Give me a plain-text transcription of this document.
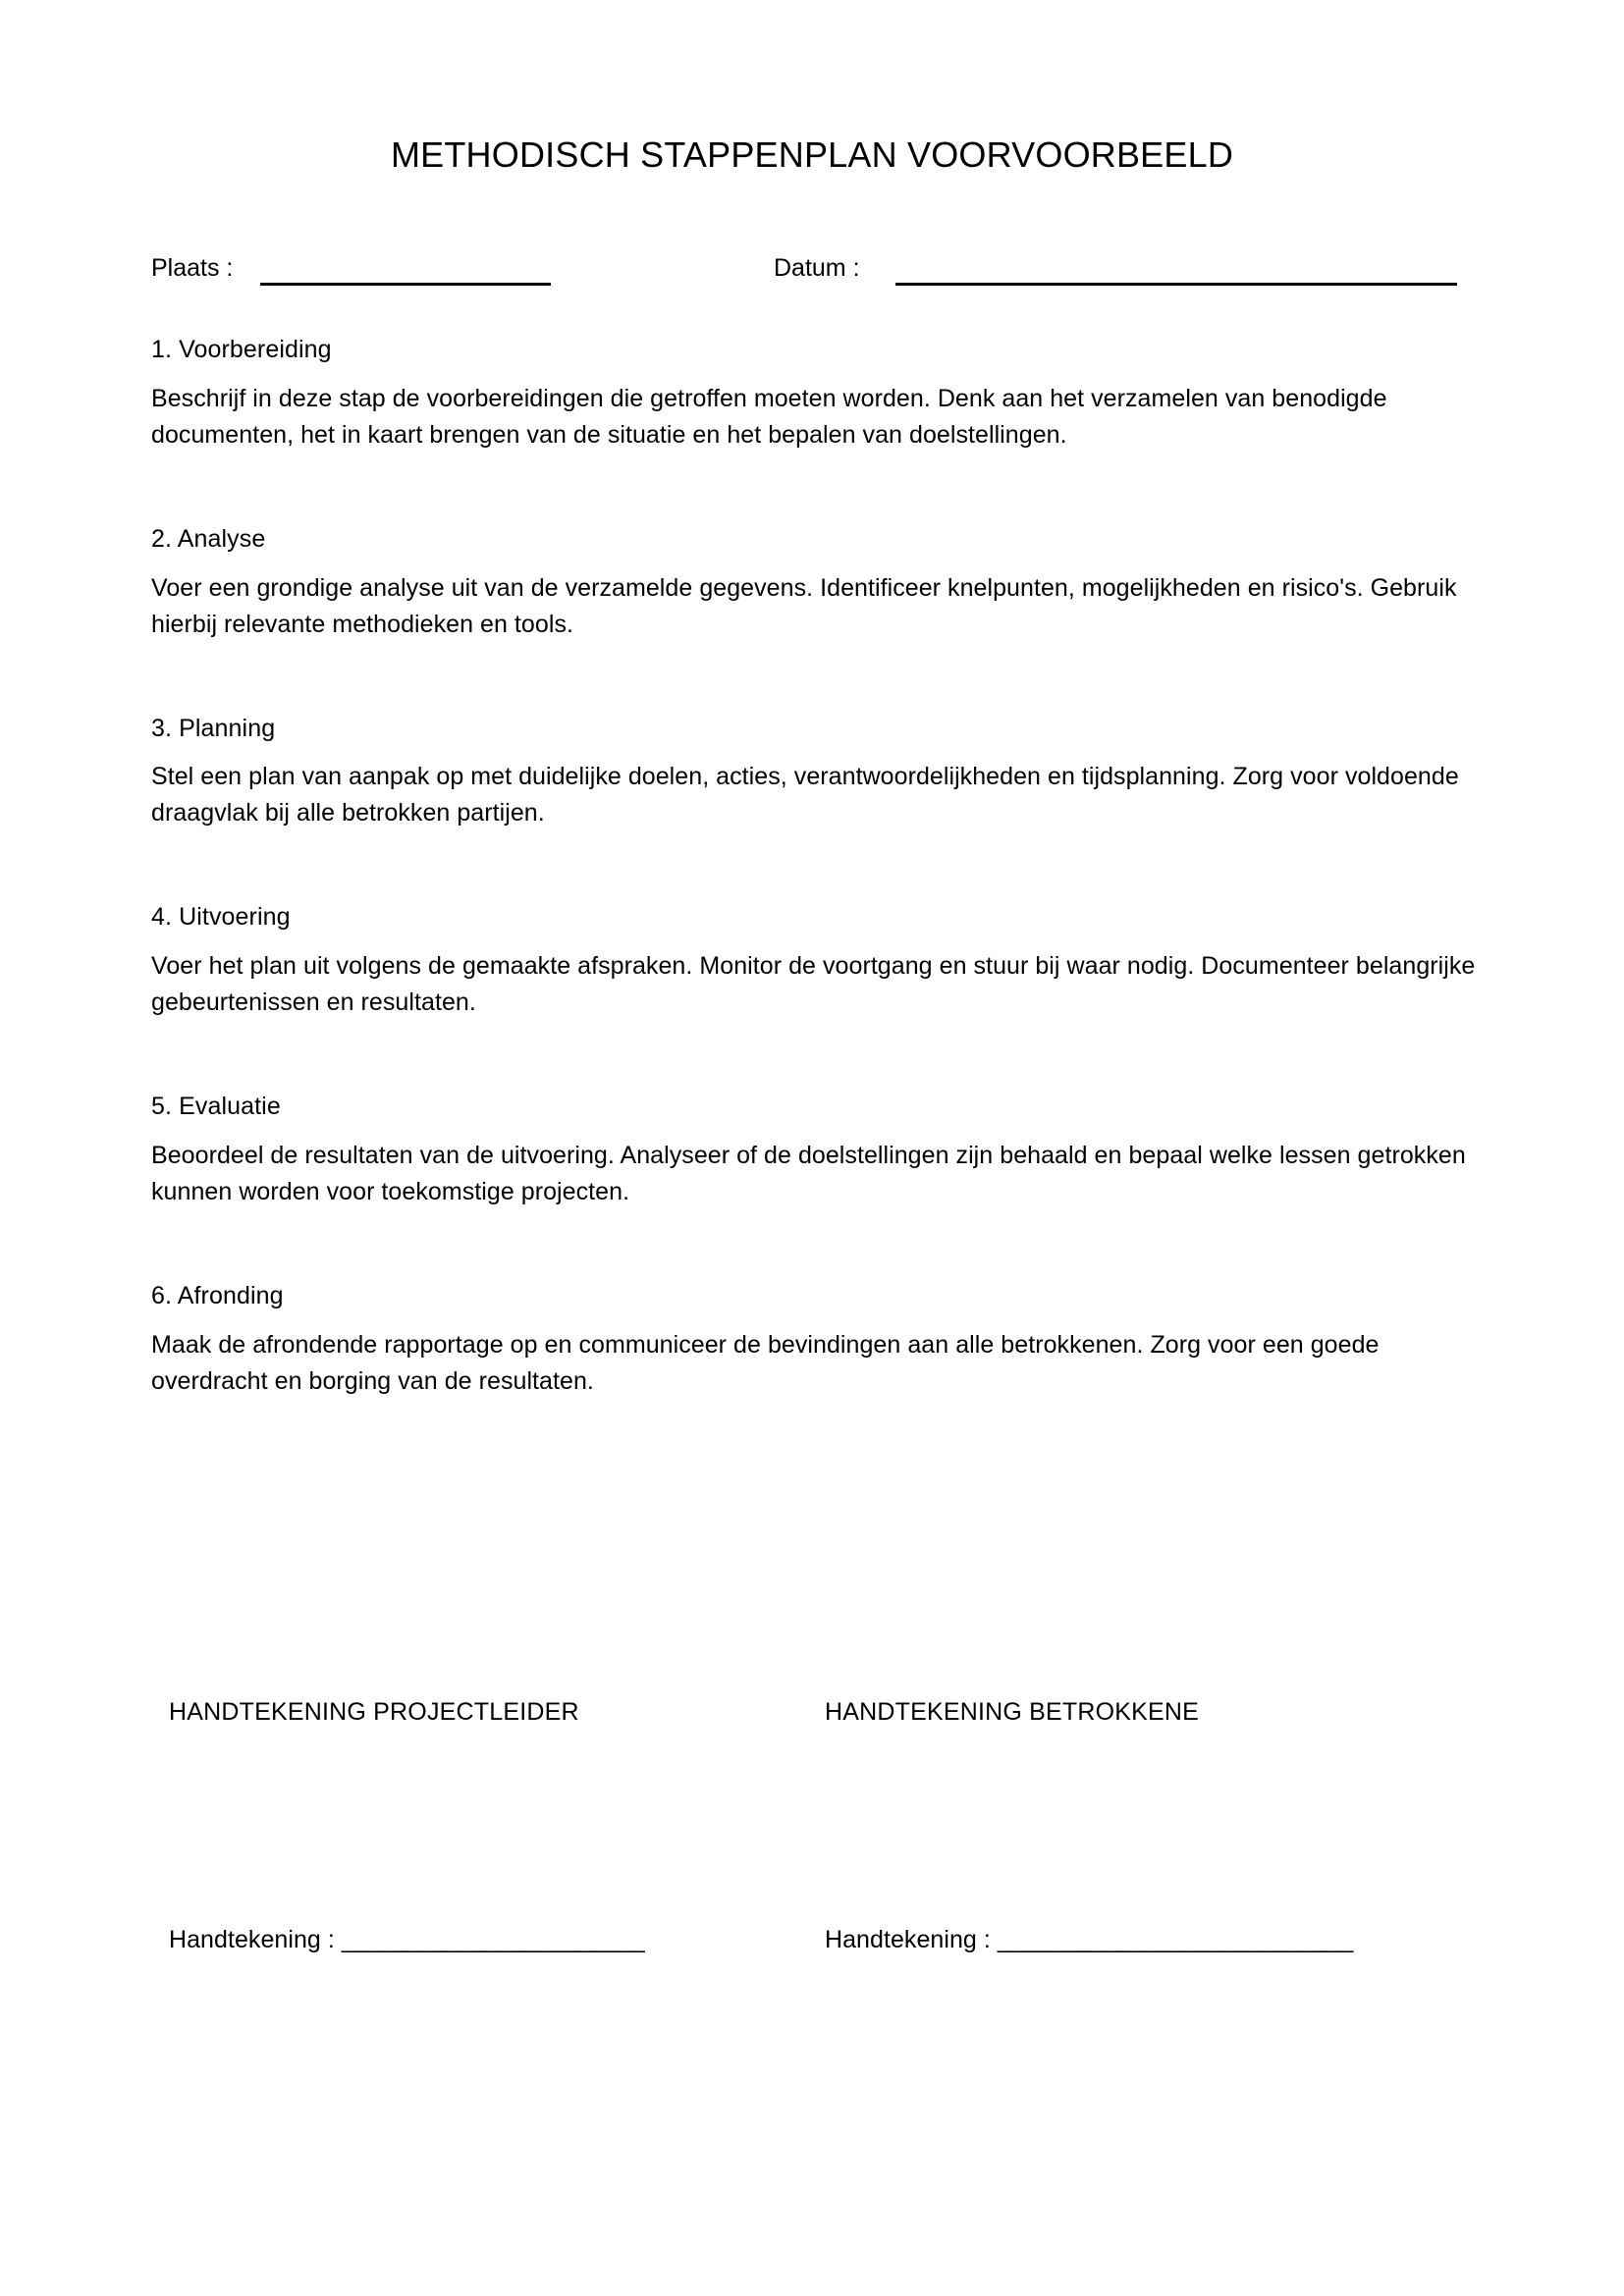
METHODISCH STAPPENPLAN VOORVOORBEELD
Plaats :	Datum :
1. Voorbereiding

Beschrijf in deze stap de voorbereidingen die getroffen moeten worden. Denk aan het verzamelen van benodigde documenten, het in kaart brengen van de situatie en het bepalen van doelstellingen.

2. Analyse

Voer een grondige analyse uit van de verzamelde gegevens. Identificeer knelpunten, mogelijkheden en risico's. Gebruik hierbij relevante methodieken en tools.

3. Planning

Stel een plan van aanpak op met duidelijke doelen, acties, verantwoordelijkheden en tijdsplanning. Zorg voor voldoende draagvlak bij alle betrokken partijen.

4. Uitvoering

Voer het plan uit volgens de gemaakte afspraken. Monitor de voortgang en stuur bij waar nodig. Documenteer belangrijke gebeurtenissen en resultaten.

5. Evaluatie

Beoordeel de resultaten van de uitvoering. Analyseer of de doelstellingen zijn behaald en bepaal welke lessen getrokken kunnen worden voor toekomstige projecten.

6. Afronding

Maak de afrondende rapportage op en communiceer de bevindingen aan alle betrokkenen. Zorg voor een goede overdracht en borging van de resultaten.

HANDTEKENING PROJECTLEIDER
Handtekening : _______________________
HANDTEKENING BETROKKENE
Handtekening : ___________________________
